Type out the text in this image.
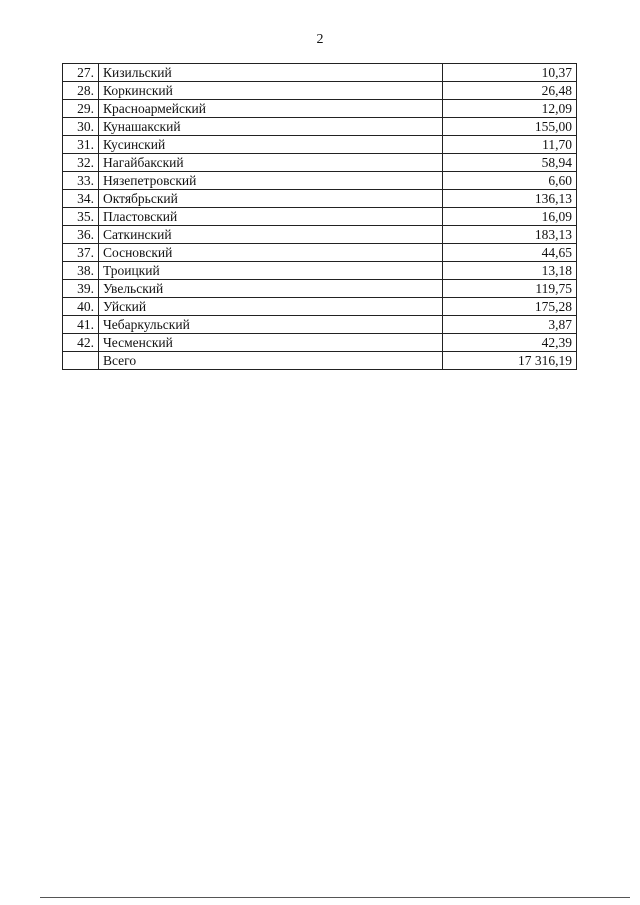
2
27.	Кизильский	10,37
28.	Коркинский	26,48
29.	Красноармейский	12,09
30.	Кунашакский	155,00
31.	Кусинский	11,70
32.	Нагайбакский	58,94
33.	Нязепетровский	6,60
34.	Октябрьский	136,13
35.	Пластовский	16,09
36.	Саткинский	183,13
37.	Сосновский	44,65
38.	Троицкий	13,18
39.	Увельский	119,75
40.	Уйский	175,28
41.	Чебаркульский	3,87
42.	Чесменский	42,39
	Всего	17 316,19
